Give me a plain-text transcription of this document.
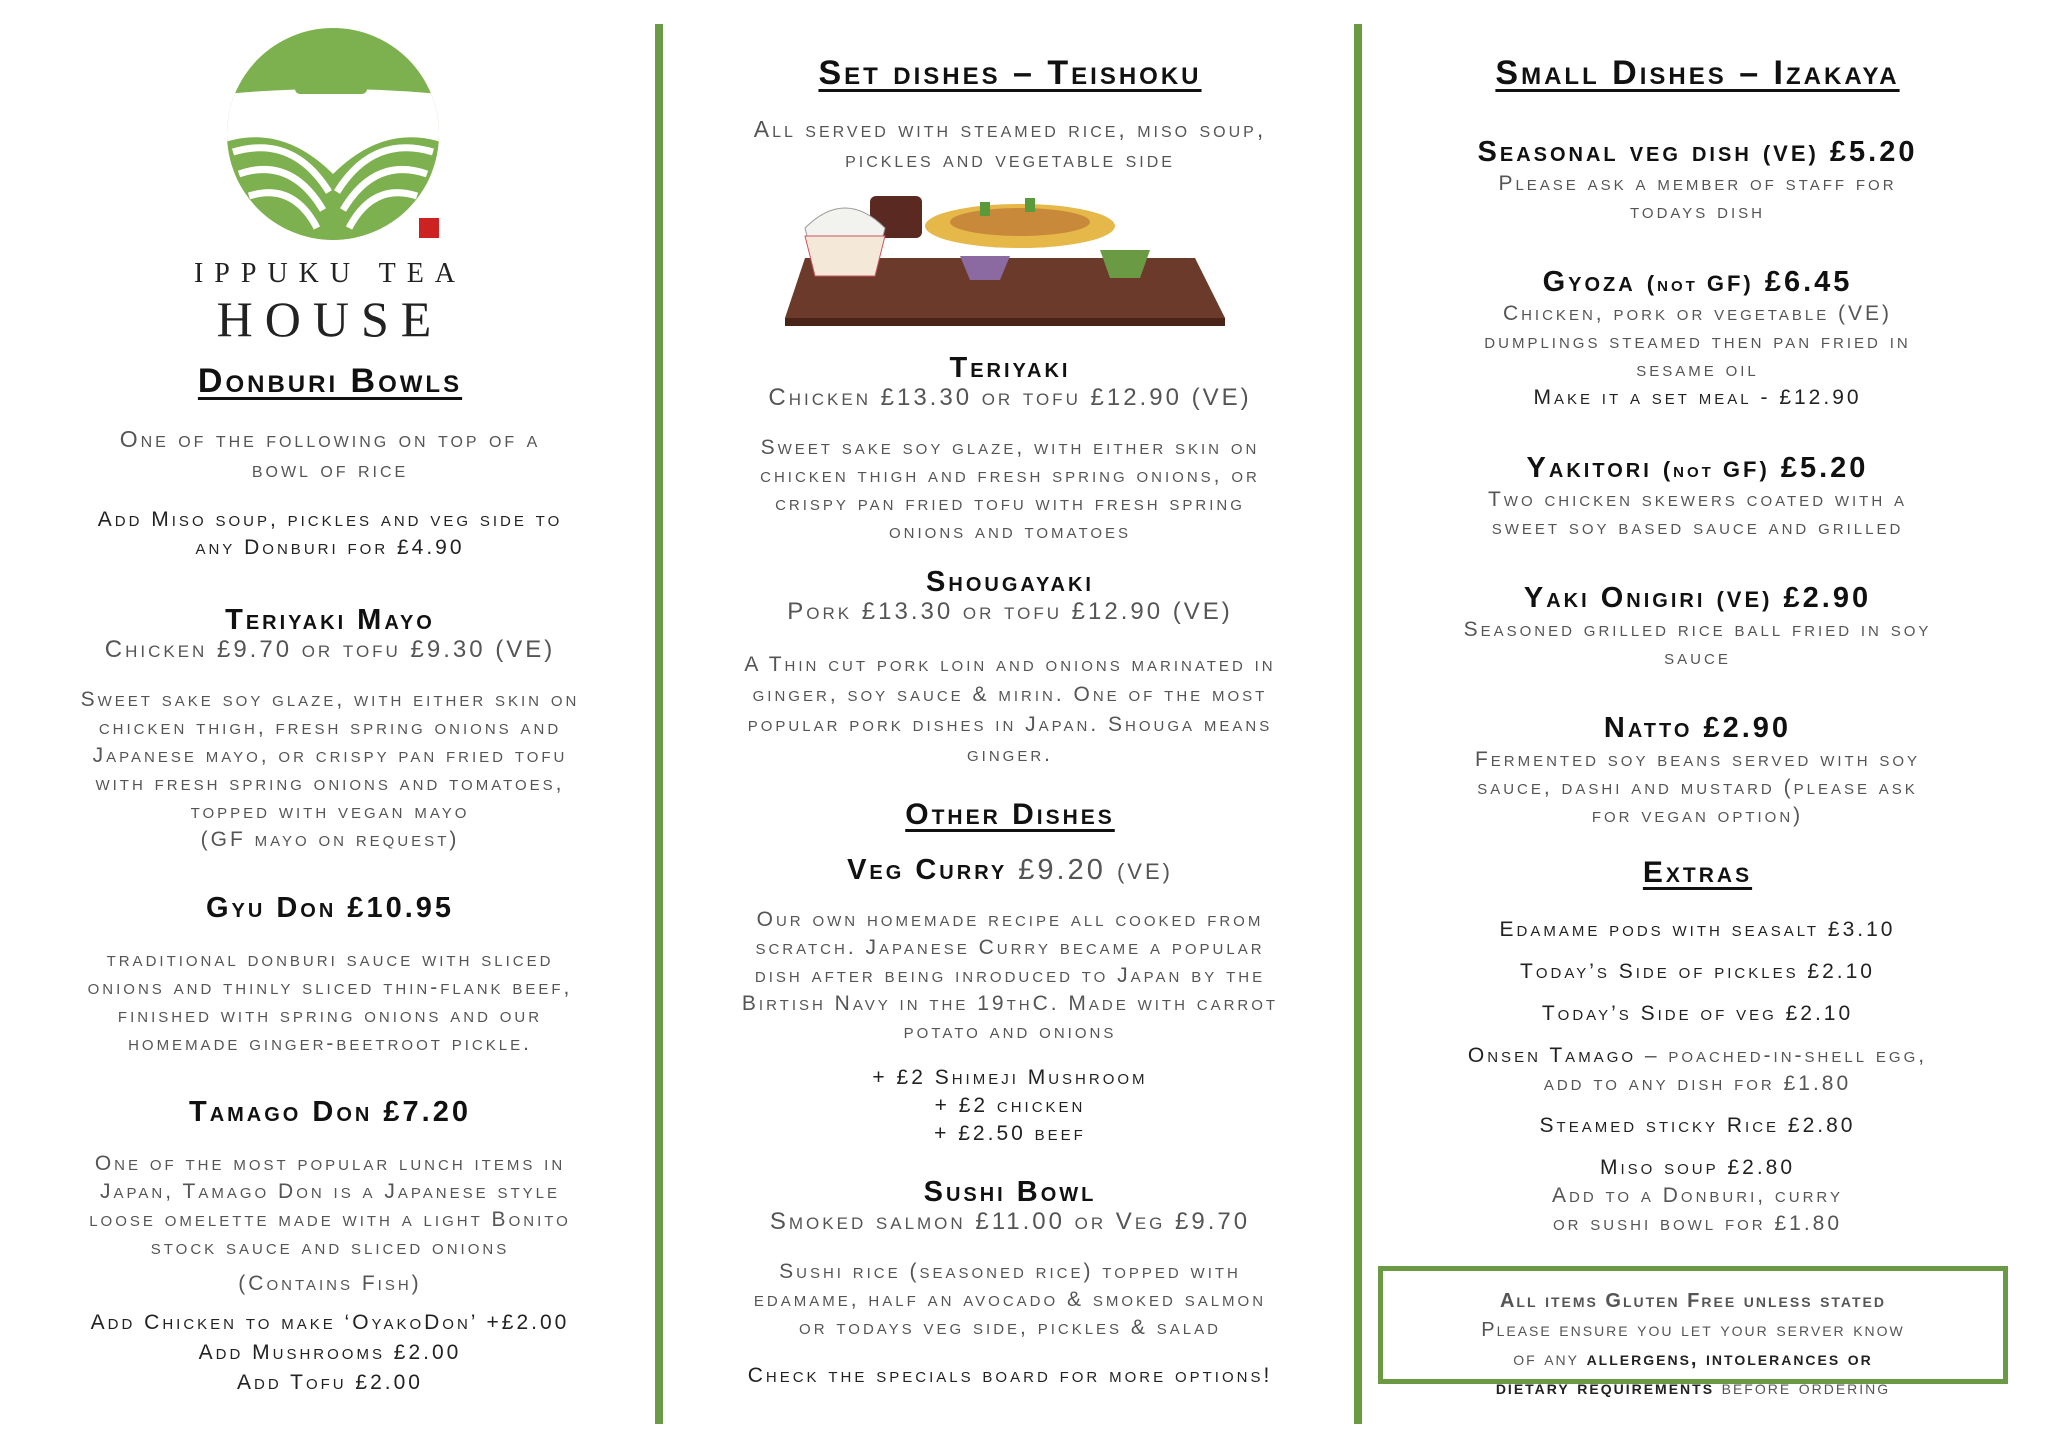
IPPUKU TEA
HOUSE
Donburi Bowls
One of the following on top of a
bowl of rice
Add Miso soup, pickles and veg side to
any Donburi for £4.90
Teriyaki Mayo
Chicken £9.70 or tofu £9.30 (VE)
Sweet sake soy glaze, with either skin on
chicken thigh, fresh spring onions and
Japanese mayo, or crispy pan fried tofu
with fresh spring onions and tomatoes,
topped with vegan mayo
(GF mayo on request)
Gyu Don £10.95
traditional donburi sauce with sliced
onions and thinly sliced thin-flank beef,
finished with spring onions and our
homemade ginger-beetroot pickle.
Tamago Don £7.20
One of the most popular lunch items in
Japan, Tamago Don is a Japanese style
loose omelette made with a light Bonito
stock sauce and sliced onions
(Contains Fish)
Add Chicken to make ‘OyakoDon’ +£2.00
Add Mushrooms £2.00
Add Tofu £2.00
Set dishes – Teishoku
All served with steamed rice, miso soup,
pickles and vegetable side
Teriyaki
Chicken £13.30 or tofu £12.90 (VE)
Sweet sake soy glaze, with either skin on
chicken thigh and fresh spring onions, or
crispy pan fried tofu with fresh spring
onions and tomatoes
Shougayaki
Pork £13.30 or tofu £12.90 (VE)
A Thin cut pork loin and onions marinated in
ginger, soy sauce & mirin. One of the most
popular pork dishes in Japan. Shouga means
ginger.
Other Dishes
Veg Curry £9.20 (VE)
Our own homemade recipe all cooked from
scratch. Japanese Curry became a popular
dish after being inroduced to Japan by the
Birtish Navy in the 19thC. Made with carrot
potato and onions
+ £2 Shimeji Mushroom
+ £2 chicken
+ £2.50 beef
Sushi Bowl
Smoked salmon £11.00 or Veg £9.70
Sushi rice (seasoned rice) topped with
edamame, half an avocado & smoked salmon
or todays veg side, pickles & salad
Check the specials board for more options!
Small Dishes – Izakaya
Seasonal veg dish (VE) £5.20
Please ask a member of staff for
todays dish
Gyoza (not GF) £6.45
Chicken, pork or vegetable (VE)
dumplings steamed then pan fried in
sesame oil
Make it a set meal - £12.90
Yakitori (not GF) £5.20
Two chicken skewers coated with a
sweet soy based sauce and grilled
Yaki Onigiri (VE) £2.90
Seasoned grilled rice ball fried in soy
sauce
Natto £2.90
Fermented soy beans served with soy
sauce, dashi and mustard (please ask
for vegan option)
Extras
Edamame pods with seasalt £3.10
Today’s Side of pickles £2.10
Today’s Side of veg £2.10
Onsen Tamago – poached-in-shell egg,
add to any dish for £1.80
Steamed sticky Rice £2.80
Miso soup £2.80
Add to a Donburi, curry
or sushi bowl for £1.80
All items Gluten Free unless stated
Please ensure you let your server know
of any allergens, intolerances or
dietary requirements before ordering
